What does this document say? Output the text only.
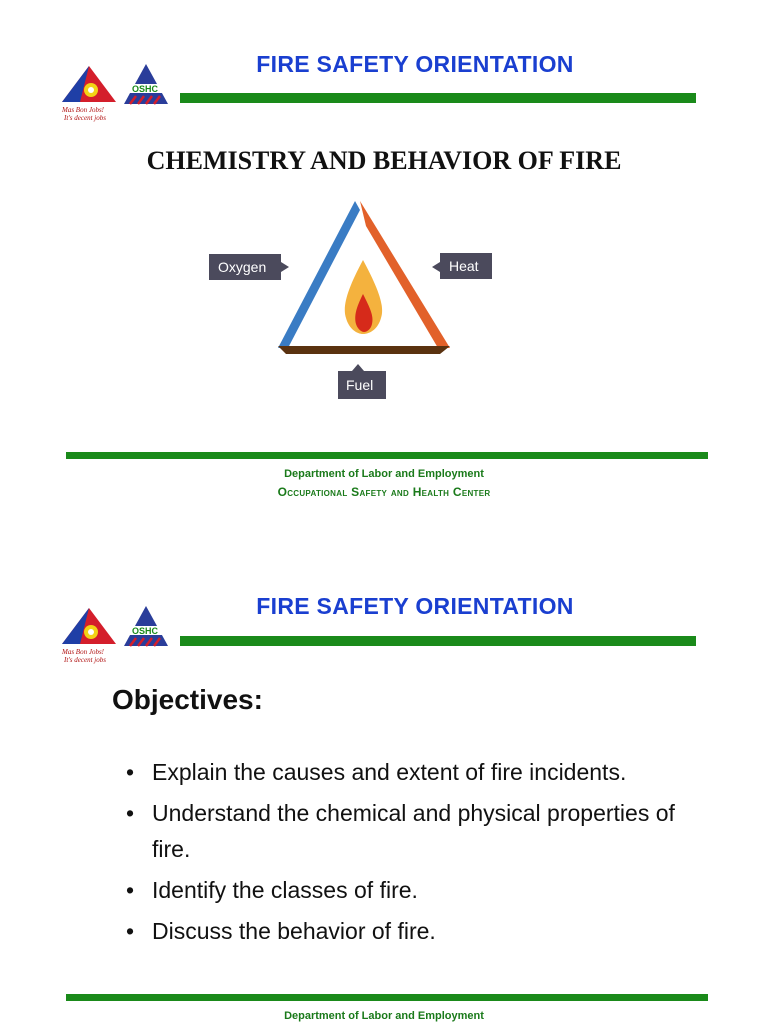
Mas Bon Jobs!
It's decent jobs
OSHC
FIRE SAFETY ORIENTATION
CHEMISTRY AND BEHAVIOR OF FIRE
Oxygen	Heat
Fuel
Department of Labor and Employment
Occupational Safety and Health Center
Mas Bon Jobs!
It's decent jobs
OSHC
FIRE SAFETY ORIENTATION
Objectives:
• Explain the causes and extent of fire incidents.
• Understand the chemical and physical properties of fire.
• Identify the classes of fire.
• Discuss the behavior of fire.
Department of Labor and Employment
